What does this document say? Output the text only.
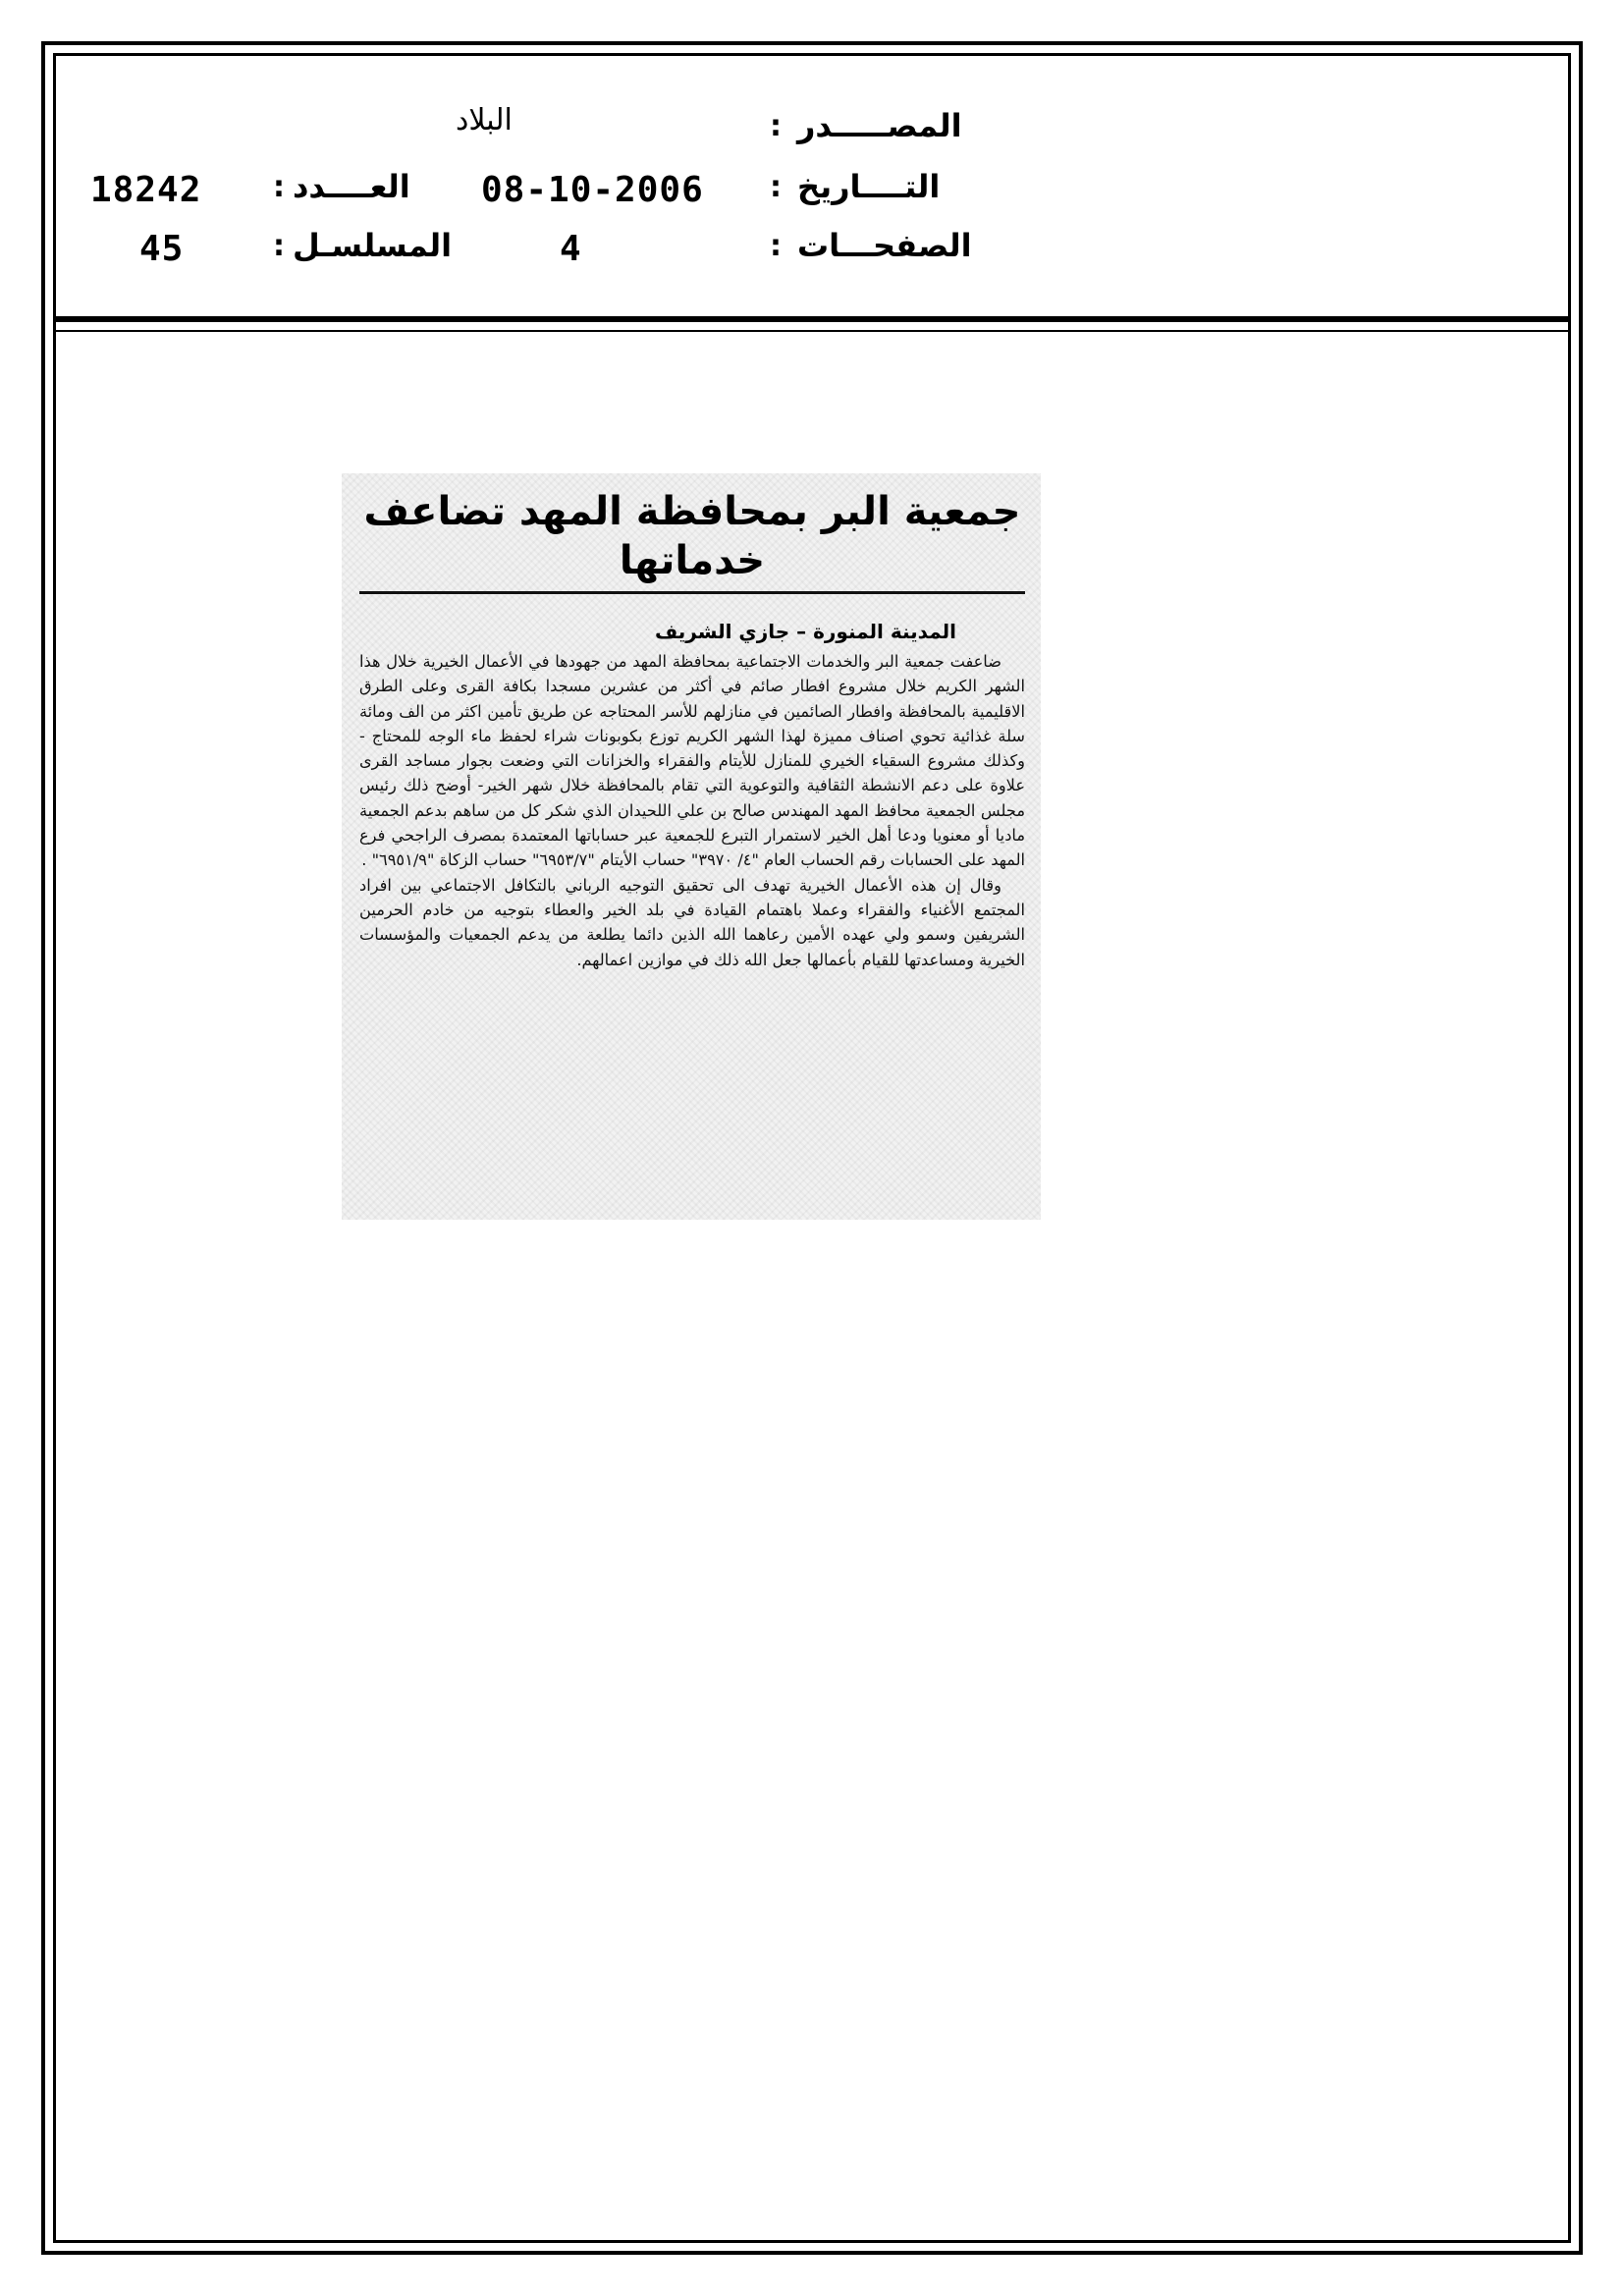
المصـــــدر
:
البلاد
التــــاريخ
:
08-10-2006
العــــدد
:
18242
الصفحـــات
:
4
المسلسـل
:
45
جمعية البر بمحافظة المهد تضاعف خدماتها
المدينة المنورة – جازي الشريف

ضاعفت جمعية البر والخدمات الاجتماعية بمحافظة المهد من جهودها في الأعمال الخيرية خلال هذا الشهر الكريم خلال مشروع افطار صائم في أكثر من عشرين مسجدا بكافة القرى وعلى الطرق الاقليمية بالمحافظة وافطار الصائمين في منازلهم للأسر المحتاجه عن طريق تأمين اكثر من الف ومائة سلة غذائية تحوي اصناف مميزة لهذا الشهر الكريم توزع بكوبونات شراء لحفظ ماء الوجه للمحتاج - وكذلك مشروع السقياء الخيري للمنازل للأيتام والفقراء والخزانات التي وضعت بجوار مساجد القرى علاوة على دعم الانشطة الثقافية والتوعوية التي تقام بالمحافظة خلال شهر الخير- أوضح ذلك رئيس مجلس الجمعية محافظ المهد المهندس صالح بن علي اللحيدان الذي شكر كل من ساهم بدعم الجمعية ماديا أو معنويا ودعا أهل الخير لاستمرار التبرع للجمعية عبر حساباتها المعتمدة بمصرف الراجحي فرع المهد على الحسابات رقم الحساب العام "٤/ ٣٩٧٠" حساب الأيتام "٦٩٥٣/٧" حساب الزكاة "٦٩٥١/٩" .

وقال إن هذه الأعمال الخيرية تهدف الى تحقيق التوجيه الرباني بالتكافل الاجتماعي بين افراد المجتمع الأغنياء والفقراء وعملا باهتمام القيادة في بلد الخير والعطاء بتوجيه من خادم الحرمين الشريفين وسمو ولي عهده الأمين رعاهما الله الذين دائما يطلعة من يدعم الجمعيات والمؤسسات الخيرية ومساعدتها للقيام بأعمالها جعل الله ذلك في موازين اعمالهم.
